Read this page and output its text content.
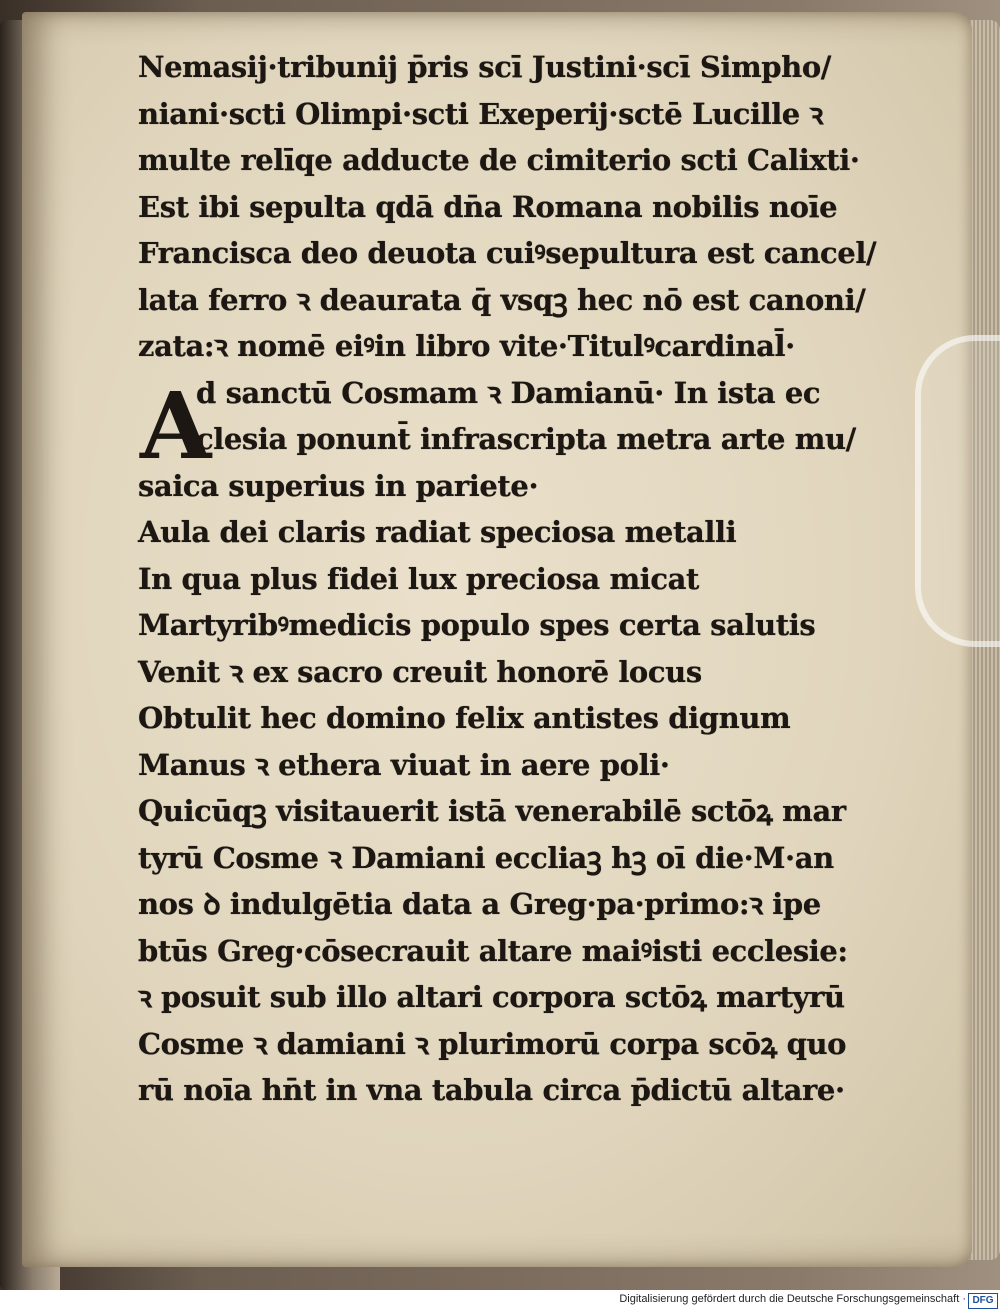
A

Nemasij·tribunij p̄ris scī Justini·scī Simpho/

niani·scti Olimpi·scti Exeperij·sctē Lucille ꝛ

multe relīqe adducte de cimiterio scti Calixti·

Est ibi sepulta qdā dn̄a Romana nobilis noīe

Francisca deo deuota cuiꝰsepultura est cancel/

lata ferro ꝛ deaurata q̄ vsqꝫ hec nō est canoni/

zata:ꝛ nomē eiꝰin libro vite·Titulꝰcardinal̄·

d sanctū Cosmam ꝛ Damianū· In ista ec

clesia ponunt̄ infrascripta metra arte mu/

saica superius in pariete·

Aula dei claris radiat speciosa metalli

In qua plus fidei lux preciosa micat

Martyribꝰmedicis populo spes certa salutis

Venit ꝛ ex sacro creuit honorē locus

Obtulit hec domino felix antistes dignum

Manus ꝛ ethera viuat in aere poli·

Quicūqꝫ visitauerit istā venerabilē sctōꝝ mar

tyrū Cosme ꝛ Damiani eccliaꝫ hꝫ oī die·M·an

nos ꝺ indulgētia data a Greg·pa·primo:ꝛ ipe

btūs Greg·cōsecrauit altare maiꝰisti ecclesie:

ꝛ posuit sub illo altari corpora sctōꝝ martyrū

Cosme ꝛ damiani ꝛ plurimorū corpa scōꝝ quo

rū noīa hn̄t in vna tabula circa p̄dictū altare·

Digitalisierung gefördert durch die Deutsche Forschungsgemeinschaft · DFG
